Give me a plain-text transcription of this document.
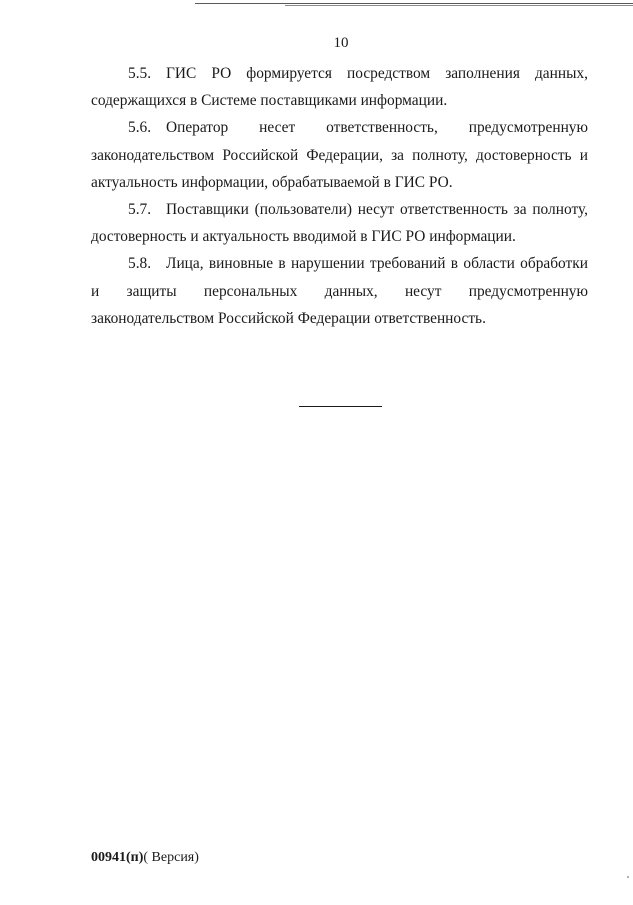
10

5.5. ГИС РО формируется посредством заполнения данных, содержащихся в Системе поставщиками информации.

5.6. Оператор несет ответственность, предусмотренную законодательством Российской Федерации, за полноту, достоверность и актуальность информации, обрабатываемой в ГИС РО.

5.7. Поставщики (пользователи) несут ответственность за полноту, достоверность и актуальность вводимой в ГИС РО информации.

5.8. Лица, виновные в нарушении требований в области обработки и защиты персональных данных, несут предусмотренную законодательством Российской Федерации ответственность.

00941(п)( Версия)
